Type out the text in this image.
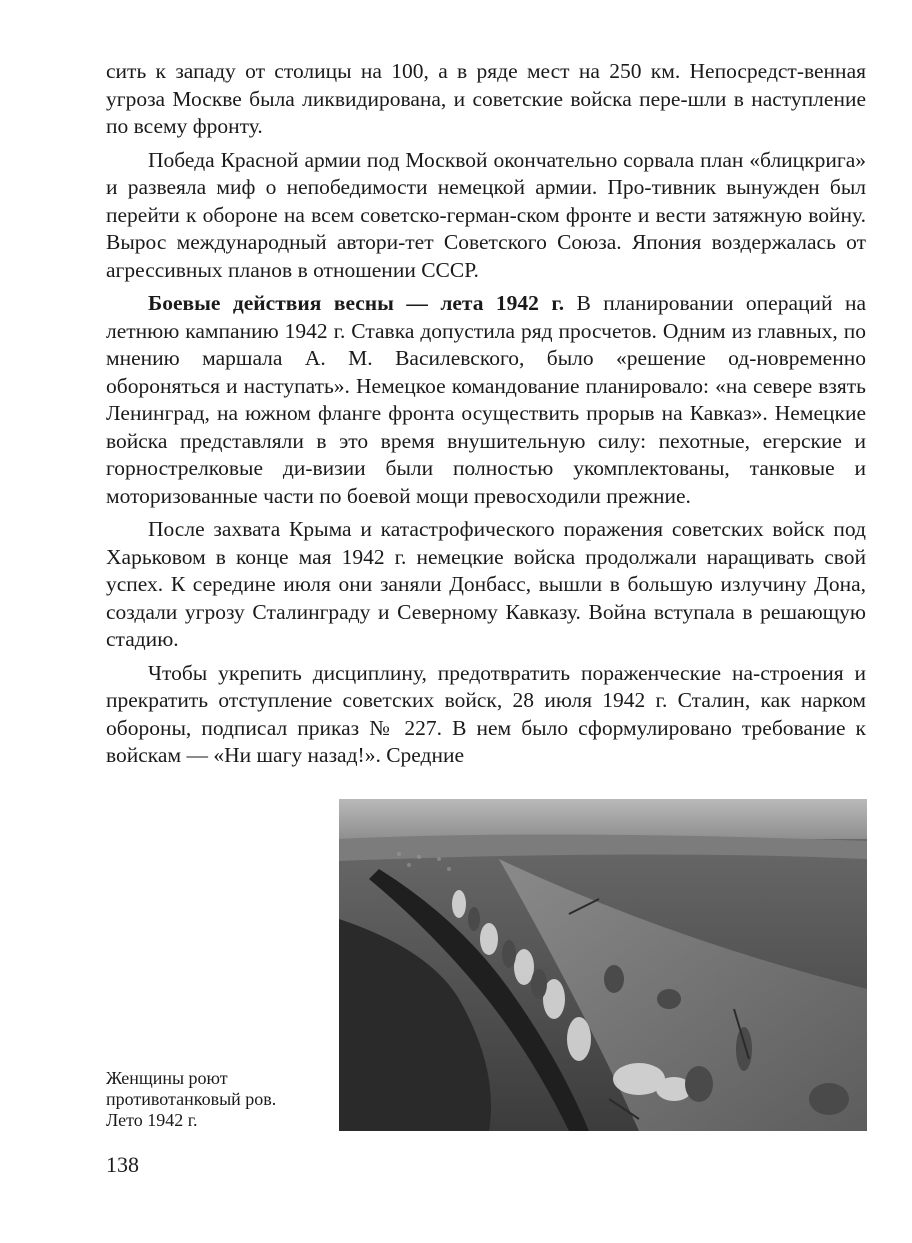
сить к западу от столицы на 100, а в ряде мест на 250 км. Непосредст-венная угроза Москве была ликвидирована, и советские войска пере-шли в наступление по всему фронту.

Победа Красной армии под Москвой окончательно сорвала план «блицкрига» и развеяла миф о непобедимости немецкой армии. Про-тивник вынужден был перейти к обороне на всем советско-герман-ском фронте и вести затяжную войну. Вырос международный автори-тет Советского Союза. Япония воздержалась от агрессивных планов в отношении СССР.

Боевые действия весны — лета 1942 г. В планировании операций на летнюю кампанию 1942 г. Ставка допустила ряд просчетов. Одним из главных, по мнению маршала А. М. Василевского, было «решение од-новременно обороняться и наступать». Немецкое командование планировало: «на севере взять Ленинград, на южном фланге фронта осуществить прорыв на Кавказ». Немецкие войска представляли в это время внушительную силу: пехотные, егерские и горнострелковые ди-визии были полностью укомплектованы, танковые и моторизованные части по боевой мощи превосходили прежние.

После захвата Крыма и катастрофического поражения советских войск под Харьковом в конце мая 1942 г. немецкие войска продолжали наращивать свой успех. К середине июля они заняли Донбасс, вышли в большую излучину Дона, создали угрозу Сталинграду и Северному Кавказу. Война вступала в решающую стадию.

Чтобы укрепить дисциплину, предотвратить пораженческие на-строения и прекратить отступление советских войск, 28 июля 1942 г. Сталин, как нарком обороны, подписал приказ № 227. В нем было сформулировано требование к войскам — «Ни шагу назад!». Средние

Женщины роют
противотанковый ров.
Лето 1942 г.

138
